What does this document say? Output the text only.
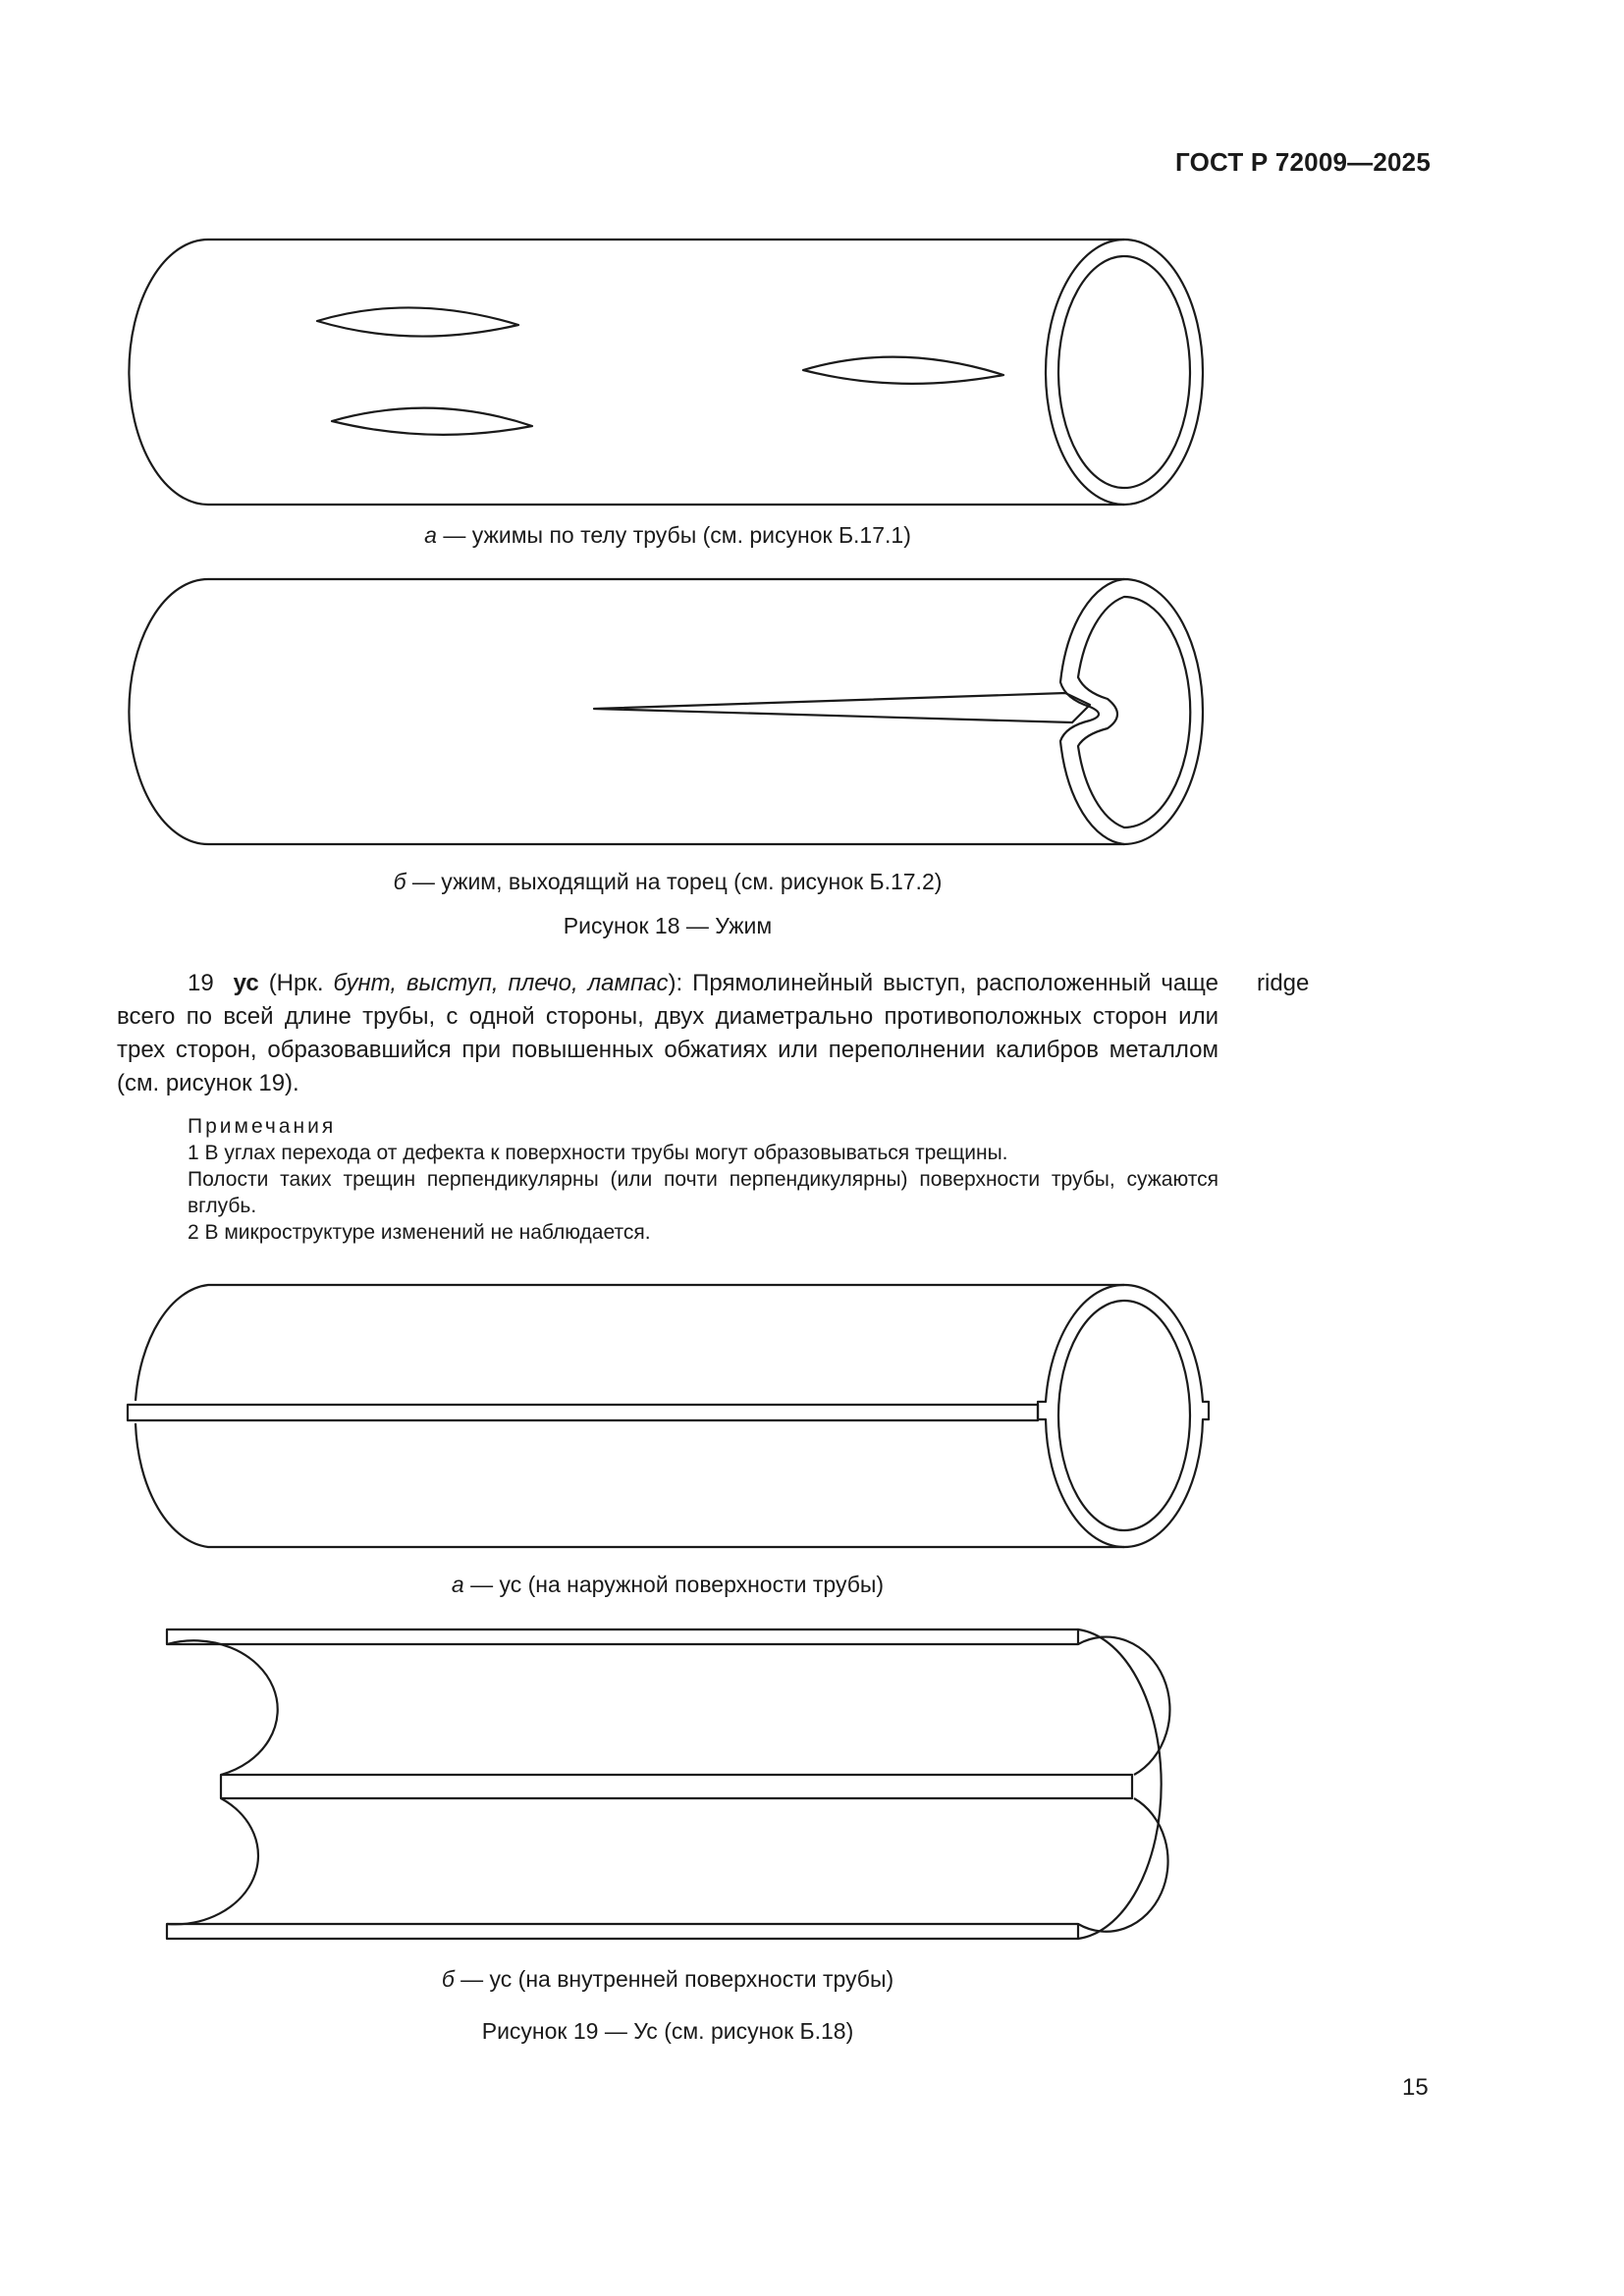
ГОСТ Р 72009—2025
а — ужимы по телу трубы (см. рисунок Б.17.1)
б — ужим, выходящий на торец (см. рисунок Б.17.2)
Рисунок 18 — Ужим
19 ус (Нрк. бунт, выступ, плечо, лампас): Прямолинейный выступ, расположенный чаще всего по всей длине трубы, с одной стороны, двух диаметрально противоположных сторон или трех сторон, образовавшийся при повышенных обжатиях или переполнении калибров металлом (см. рисунок 19).
ridge
Примечания
1 В углах перехода от дефекта к поверхности трубы могут образовываться трещины.
Полости таких трещин перпендикулярны (или почти перпендикулярны) поверхности трубы, сужаются вглубь.
2 В микроструктуре изменений не наблюдается.
а — ус (на наружной поверхности трубы)
б — ус (на внутренней поверхности трубы)
Рисунок 19 — Ус (см. рисунок Б.18)
15
